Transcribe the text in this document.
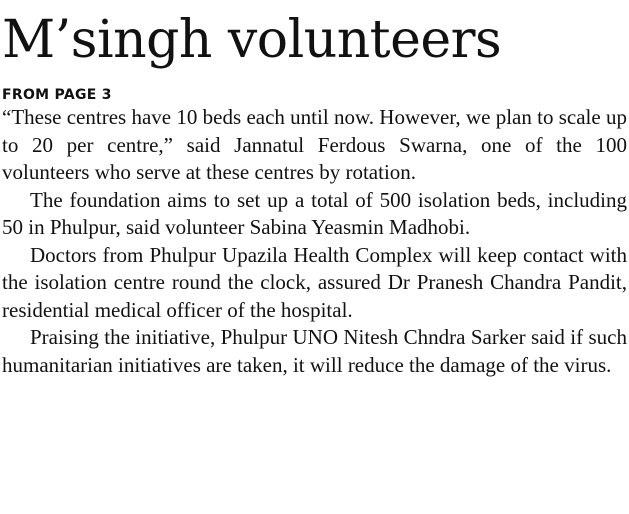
M’singh volunteers
FROM PAGE 3

“These centres have 10 beds each until now. However, we plan to scale up to 20 per centre,” said Jannatul Ferdous Swarna, one of the 100 volunteers who serve at these centres by rotation.

The foundation aims to set up a total of 500 isolation beds, including 50 in Phulpur, said volunteer Sabina Yeasmin Madhobi.

Doctors from Phulpur Upazila Health Complex will keep contact with the isolation centre round the clock, assured Dr Pranesh Chandra Pandit, residential medical officer of the hospital.

Praising the initiative, Phulpur UNO Nitesh Chndra Sarker said if such humanitarian initiatives are taken, it will reduce the damage of the virus.
